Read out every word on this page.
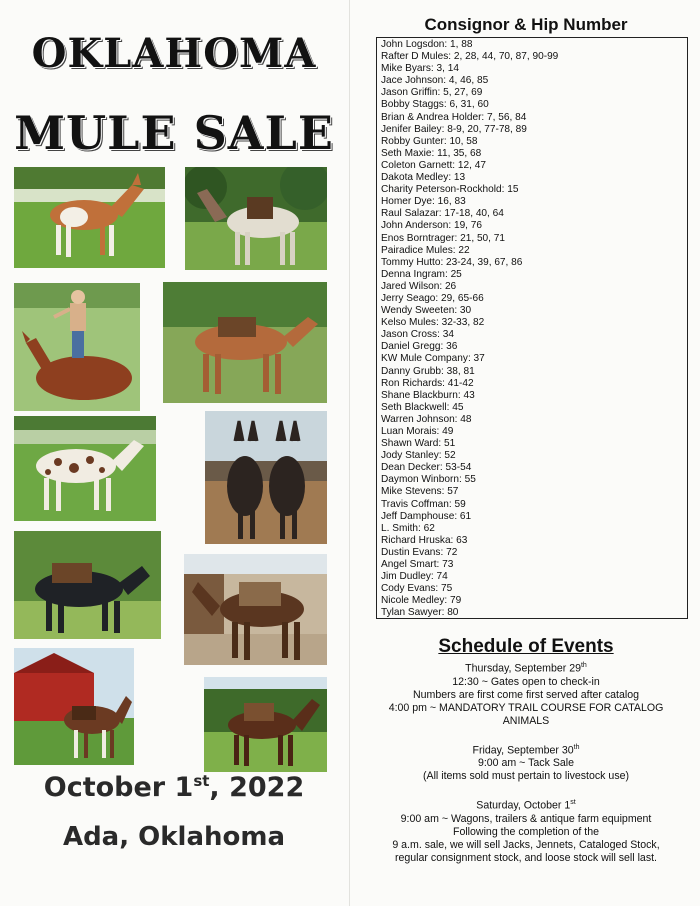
OKLAHOMA
MULE SALE
October 1st, 2022
Ada, Oklahoma
Consignor & Hip Number
John Logsdon: 1, 88
Rafter D Mules: 2, 28, 44, 70, 87, 90-99
Mike Byars: 3, 14
Jace Johnson: 4, 46, 85
Jason Griffin: 5, 27, 69
Bobby Staggs: 6, 31, 60
Brian & Andrea Holder: 7, 56, 84
Jenifer Bailey: 8-9, 20, 77-78, 89
Robby Gunter: 10, 58
Seth Maxie: 11, 35, 68
Coleton Garnett: 12, 47
Dakota Medley: 13
Charity Peterson-Rockhold: 15
Homer Dye: 16, 83
Raul Salazar: 17-18, 40, 64
John Anderson: 19, 76
Enos Borntrager: 21, 50, 71
Pairadice Mules: 22
Tommy Hutto: 23-24, 39, 67, 86
Denna Ingram: 25
Jared Wilson: 26
Jerry Seago: 29, 65-66
Wendy Sweeten: 30
Kelso Mules: 32-33, 82
Jason Cross: 34
Daniel Gregg: 36
KW Mule Company: 37
Danny Grubb: 38, 81
Ron Richards: 41-42
Shane Blackburn: 43
Seth Blackwell: 45
Warren Johnson: 48
Luan Morais: 49
Shawn Ward: 51
Jody Stanley: 52
Dean Decker: 53-54
Daymon Winborn: 55
Mike Stevens: 57
Travis Coffman: 59
Jeff Damphouse: 61
L. Smith: 62
Richard Hruska: 63
Dustin Evans: 72
Angel Smart: 73
Jim Dudley: 74
Cody Evans: 75
Nicole Medley: 79
Tylan Sawyer: 80
Schedule of Events
Thursday, September 29th
12:30 ~ Gates open to check-in
Numbers are first come first served after catalog
4:00 pm ~ MANDATORY TRAIL COURSE FOR CATALOG
ANIMALS
Friday, September 30th
9:00 am ~ Tack Sale
(All items sold must pertain to livestock use)
Saturday, October 1st
9:00 am ~ Wagons, trailers & antique farm equipment
Following the completion of the
9 a.m. sale, we will sell Jacks, Jennets, Cataloged Stock,
regular consignment stock, and loose stock will sell last.
